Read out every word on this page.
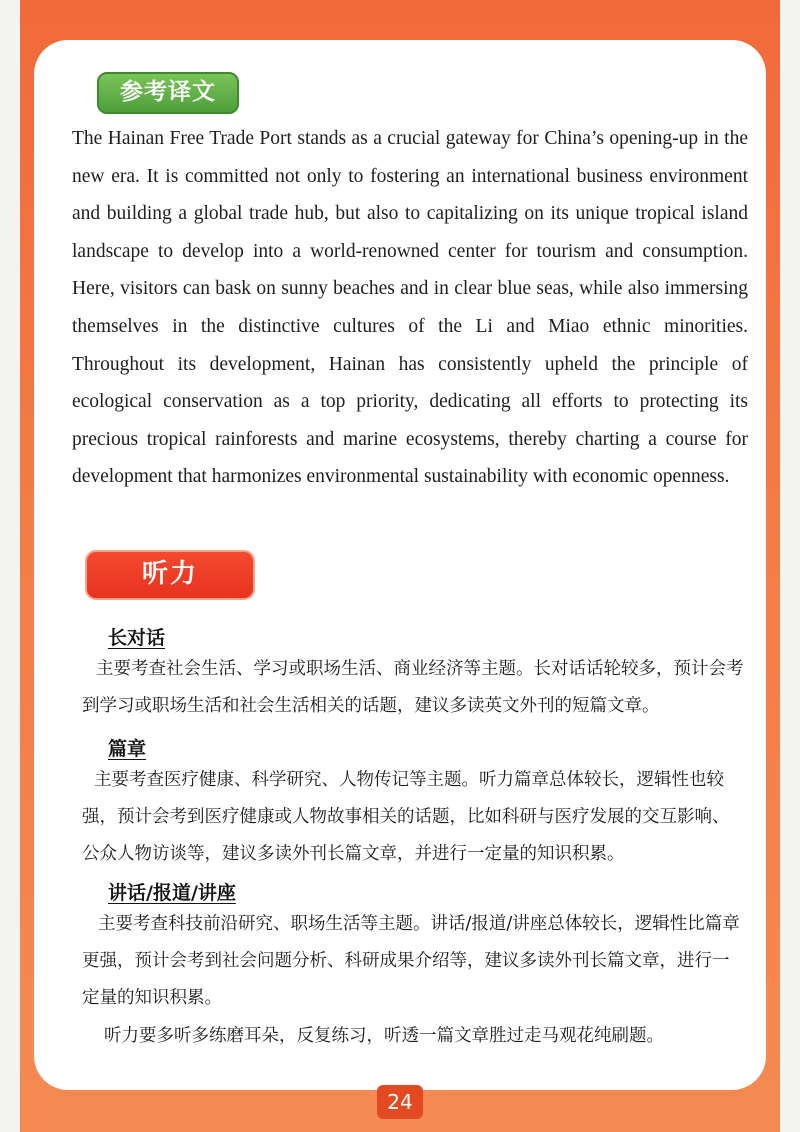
参考译文

The Hainan Free Trade Port stands as a crucial gateway for China’s opening-up in the new era. It is committed not only to fostering an international business environment and building a global trade hub, but also to capitalizing on its unique tropical island landscape to develop into a world-renowned center for tourism and consumption. Here, visitors can bask on sunny beaches and in clear blue seas, while also immersing themselves in the distinctive cultures of the Li and Miao ethnic minorities. Throughout its development, Hainan has consistently upheld the principle of ecological conservation as a top priority, dedicating all efforts to protecting its precious tropical rainforests and marine ecosystems, thereby charting a course for development that harmonizes environmental sustainability with economic openness.

听力
长对话

主要考查社会生活、学习或职场生活、商业经济等主题。长对话话轮较多，预计会考到学习或职场生活和社会生活相关的话题，建议多读英文外刊的短篇文章。

篇章

主要考查医疗健康、科学研究、人物传记等主题。听力篇章总体较长，逻辑性也较强，预计会考到医疗健康或人物故事相关的话题，比如科研与医疗发展的交互影响、公众人物访谈等，建议多读外刊长篇文章，并进行一定量的知识积累。

讲话/报道/讲座

主要考查科技前沿研究、职场生活等主题。讲话/报道/讲座总体较长，逻辑性比篇章更强，预计会考到社会问题分析、科研成果介绍等，建议多读外刊长篇文章，进行一定量的知识积累。

听力要多听多练磨耳朵，反复练习，听透一篇文章胜过走马观花纯刷题。

24
